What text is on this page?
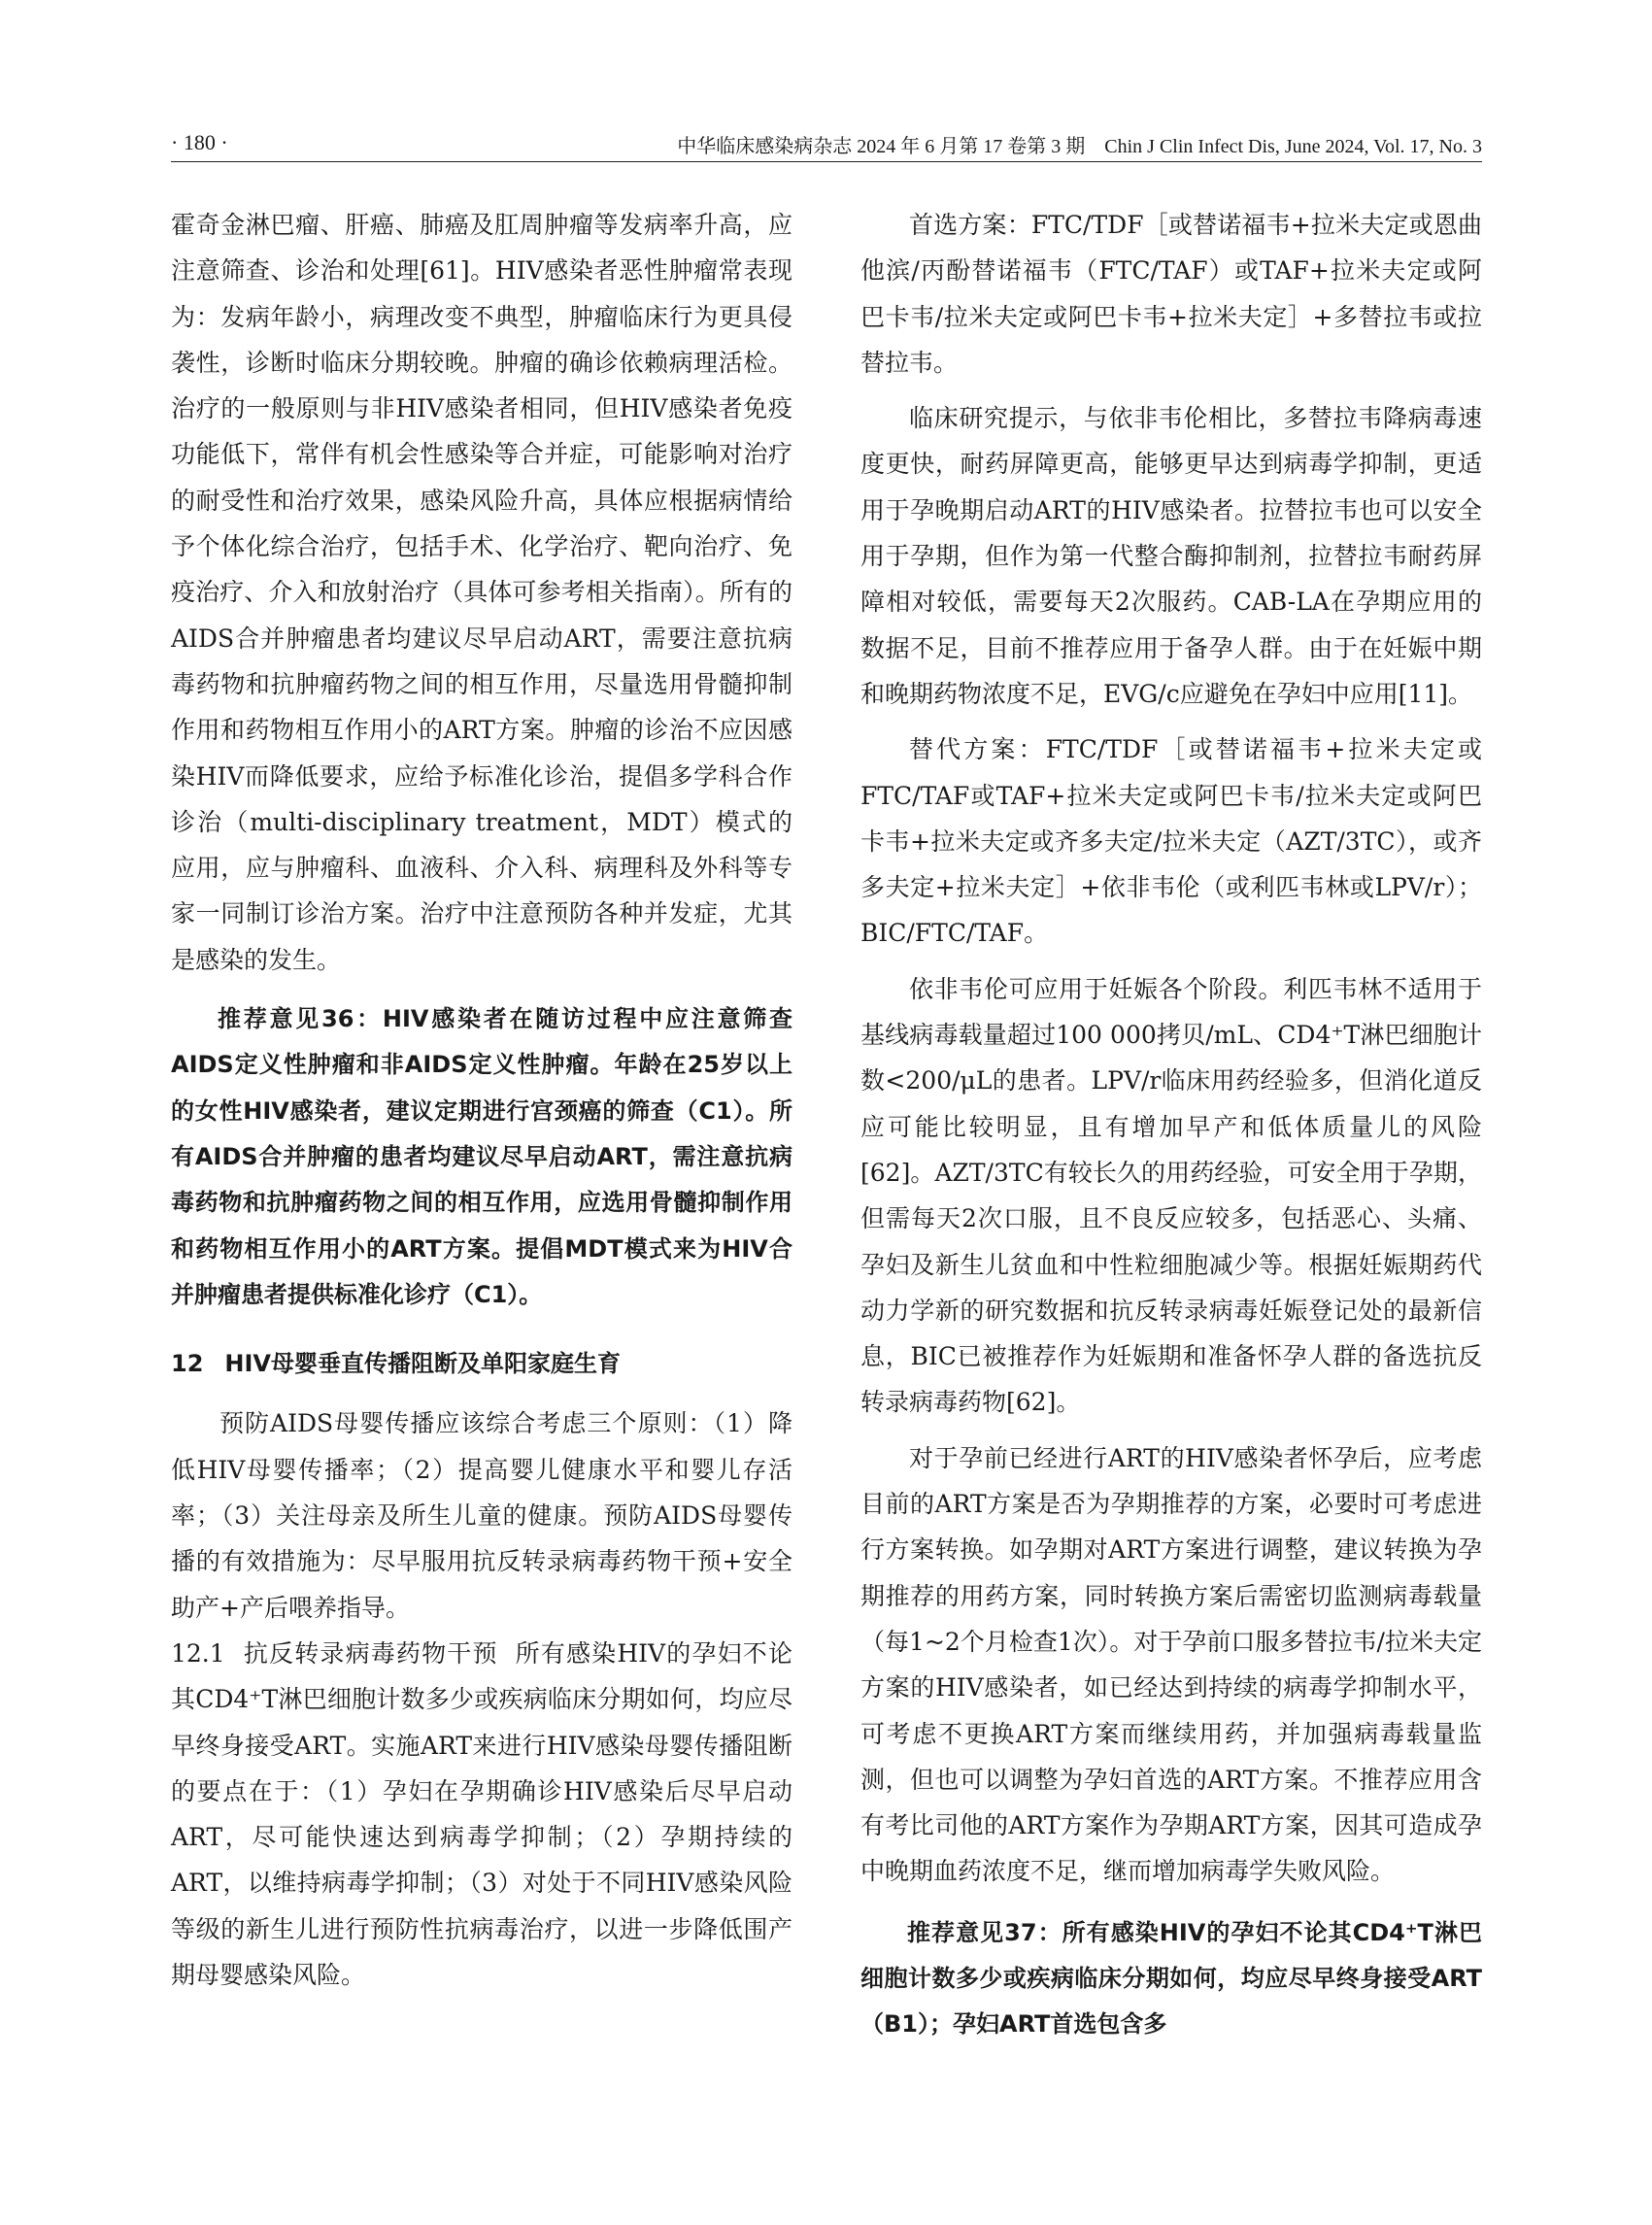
· 180 ·	中华临床感染病杂志 2024 年 6 月第 17 卷第 3 期　Chin J Clin Infect Dis, June 2024, Vol. 17, No. 3

霍奇金淋巴瘤、肝癌、肺癌及肛周肿瘤等发病率升高，应注意筛查、诊治和处理[61]。HIV感染者恶性肿瘤常表现为：发病年龄小，病理改变不典型，肿瘤临床行为更具侵袭性，诊断时临床分期较晚。肿瘤的确诊依赖病理活检。治疗的一般原则与非HIV感染者相同，但HIV感染者免疫功能低下，常伴有机会性感染等合并症，可能影响对治疗的耐受性和治疗效果，感染风险升高，具体应根据病情给予个体化综合治疗，包括手术、化学治疗、靶向治疗、免疫治疗、介入和放射治疗（具体可参考相关指南）。所有的AIDS合并肿瘤患者均建议尽早启动ART，需要注意抗病毒药物和抗肿瘤药物之间的相互作用，尽量选用骨髓抑制作用和药物相互作用小的ART方案。肿瘤的诊治不应因感染HIV而降低要求，应给予标准化诊治，提倡多学科合作诊治（multi-disciplinary treatment，MDT）模式的应用，应与肿瘤科、血液科、介入科、病理科及外科等专家一同制订诊治方案。治疗中注意预防各种并发症，尤其是感染的发生。

推荐意见36：HIV感染者在随访过程中应注意筛查AIDS定义性肿瘤和非AIDS定义性肿瘤。年龄在25岁以上的女性HIV感染者，建议定期进行宫颈癌的筛查（C1）。所有AIDS合并肿瘤的患者均建议尽早启动ART，需注意抗病毒药物和抗肿瘤药物之间的相互作用，应选用骨髓抑制作用和药物相互作用小的ART方案。提倡MDT模式来为HIV合并肿瘤患者提供标准化诊疗（C1）。

12 HIV母婴垂直传播阻断及单阳家庭生育

预防AIDS母婴传播应该综合考虑三个原则：（1）降低HIV母婴传播率；（2）提高婴儿健康水平和婴儿存活率；（3）关注母亲及所生儿童的健康。预防AIDS母婴传播的有效措施为：尽早服用抗反转录病毒药物干预+安全助产+产后喂养指导。

12.1 抗反转录病毒药物干预 所有感染HIV的孕妇不论其CD4⁺T淋巴细胞计数多少或疾病临床分期如何，均应尽早终身接受ART。实施ART来进行HIV感染母婴传播阻断的要点在于：（1）孕妇在孕期确诊HIV感染后尽早启动ART，尽可能快速达到病毒学抑制；（2）孕期持续的ART，以维持病毒学抑制；（3）对处于不同HIV感染风险等级的新生儿进行预防性抗病毒治疗，以进一步降低围产期母婴感染风险。

首选方案：FTC/TDF［或替诺福韦+拉米夫定或恩曲他滨/丙酚替诺福韦（FTC/TAF）或TAF+拉米夫定或阿巴卡韦/拉米夫定或阿巴卡韦+拉米夫定］+多替拉韦或拉替拉韦。

临床研究提示，与依非韦伦相比，多替拉韦降病毒速度更快，耐药屏障更高，能够更早达到病毒学抑制，更适用于孕晚期启动ART的HIV感染者。拉替拉韦也可以安全用于孕期，但作为第一代整合酶抑制剂，拉替拉韦耐药屏障相对较低，需要每天2次服药。CAB-LA在孕期应用的数据不足，目前不推荐应用于备孕人群。由于在妊娠中期和晚期药物浓度不足，EVG/c应避免在孕妇中应用[11]。

替代方案：FTC/TDF［或替诺福韦+拉米夫定或FTC/TAF或TAF+拉米夫定或阿巴卡韦/拉米夫定或阿巴卡韦+拉米夫定或齐多夫定/拉米夫定（AZT/3TC），或齐多夫定+拉米夫定］+依非韦伦（或利匹韦林或LPV/r）；BIC/FTC/TAF。

依非韦伦可应用于妊娠各个阶段。利匹韦林不适用于基线病毒载量超过100 000拷贝/mL、CD4⁺T淋巴细胞计数<200/μL的患者。LPV/r临床用药经验多，但消化道反应可能比较明显，且有增加早产和低体质量儿的风险[62]。AZT/3TC有较长久的用药经验，可安全用于孕期，但需每天2次口服，且不良反应较多，包括恶心、头痛、孕妇及新生儿贫血和中性粒细胞减少等。根据妊娠期药代动力学新的研究数据和抗反转录病毒妊娠登记处的最新信息，BIC已被推荐作为妊娠期和准备怀孕人群的备选抗反转录病毒药物[62]。

对于孕前已经进行ART的HIV感染者怀孕后，应考虑目前的ART方案是否为孕期推荐的方案，必要时可考虑进行方案转换。如孕期对ART方案进行调整，建议转换为孕期推荐的用药方案，同时转换方案后需密切监测病毒载量（每1~2个月检查1次）。对于孕前口服多替拉韦/拉米夫定方案的HIV感染者，如已经达到持续的病毒学抑制水平，可考虑不更换ART方案而继续用药，并加强病毒载量监测，但也可以调整为孕妇首选的ART方案。不推荐应用含有考比司他的ART方案作为孕期ART方案，因其可造成孕中晚期血药浓度不足，继而增加病毒学失败风险。

推荐意见37：所有感染HIV的孕妇不论其CD4⁺T淋巴细胞计数多少或疾病临床分期如何，均应尽早终身接受ART（B1）；孕妇ART首选包含多
